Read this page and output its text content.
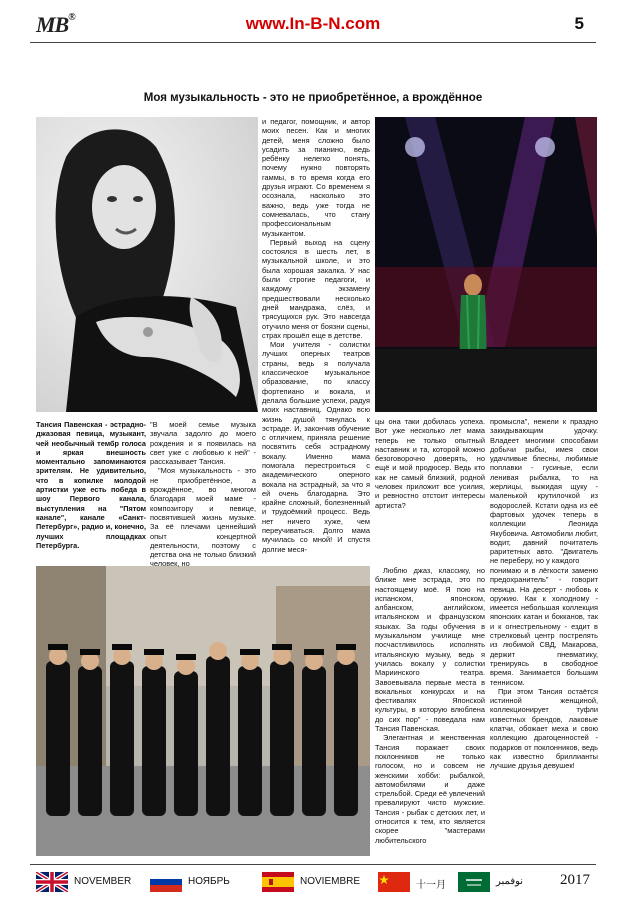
MB®	www.In-B-N.com	5
Моя музыкальность - это не приобретённое, а врождённое
Тансия Павенская - эстрадно-джазовая певица, музыкант, чей необычный тембр голоса и яркая внешность моментально запоминаются зрителям. Не удивительно, что в копилке молодой артистки уже есть победа в шоу Первого канала, выступления на "Пятом канале", канале «Санкт-Петербург», радио и, конечно, лучших площадках Петербурга.

"В моей семье музыка звучала задолго до моего рождения и я появилась на свет уже с любовью к ней" - рассказывает Тансия.

"Моя музыкальность - это не приобретённое, а врождённое, во многом благодаря моей маме - композитору и певице, посвятившей жизнь музыке. За её плечами ценнейший опыт концертной деятельности, поэтому с детства она не только близкий человек, но

и педагог, помощник, и автор моих песен. Как и многих детей, меня сложно было усадить за пианино, ведь ребёнку нелегко понять, почему нужно повторять гаммы, в то время когда его друзья играют. Со временем я осознала, насколько это важно, ведь уже тогда не сомневалась, что стану профессиональным музыкантом.

Первый выход на сцену состоялся в шесть лет, в музыкальной школе, и это была хорошая закалка. У нас были строгие педагоги, и каждому экзамену предшествовали несколько дней мандража, слёз, и трясущихся рук. Это навсегда отучило меня от боязни сцены, страх прошёл еще в детстве.

Мои учителя - солистки лучших оперных театров страны, ведь я получала классическое музыкальное образование, по классу фортепиано и вокала, и делала большие успехи, радуя моих наставниц. Однако всю жизнь душой тянулась к эстраде. И, закончив обучение с отличием, приняла решение посвятить себя эстрадному вокалу. Именно мама помогала перестроиться с академического оперного вокала на эстрадный, за что я ей очень благодарна. Это крайне сложный, болезненный и трудоёмкий процесс. Ведь нет ничего хуже, чем переучиваться. Долго мама мучилась со мной! И спустя долгие меся-

цы она таки добилась успеха. Вот уже несколько лет мама теперь не только опытный наставник и та, которой можно безоговорочно доверять, но ещё и мой продюсер. Ведь кто как не самый близкий, родной человек приложит все усилия, и ревностно отстоит интересы артиста?

промысла", нежели к праздно закидывающим удочку. Владеет многими способами добычи рыбы, имея свои удачливые блесны, любимые поплавки - гусиные, если ленивая рыбалка, то на жерлицы, выжидая щуку - маленькой крутилочкой из водорослей. Кстати одна из её фартовых удочек теперь в коллекции Леонида Якубовича. Автомобили любит, водит, давний почитатель раритетных авто. "Двигатель не переберу, но у каждого

Люблю джаз, классику, но ближе мне эстрада, это по настоящему моё. Я пою на испанском, японском, албанском, английском, итальянском и французском языках. За годы обучения в музыкальном училище мне посчастливилось исполнять итальянскую музыку, ведь я училась вокалу у солистки Мариинского театра. Завоевывала первые места в вокальных конкурсах и на фестивалях Японской культуры, в которую влюблена до сих пор" - поведала нам Тансия Павенская.

Элегантная и женственная Тансия поражает своих поклонников не только голосом, но и совсем не женскими хобби: рыбалкой, автомобилями и даже стрельбой. Среди её увлечений превалируют чисто мужские. Тансия - рыбак с детских лет, и относится к тем, кто является скорее "мастерами любительского

понимаю и в лёгкости заменю предохранитель" - говорит певица. На десерт - любовь к оружию. Как к холодному - имеется небольшая коллекция японских катан и бокканов, так и к огнестрельному - ездит в стрелковый центр пострелять из любимой СВД, Макарова, держит пневматику, тренируясь в свободное время. Занимается большим теннисом.

При этом Тансия остаётся истинной женщиной, коллекционирует туфли известных брендов, лаковые клатчи, обожает меха и свою коллекцию драгоценностей - подарков от поклонников, ведь как известно бриллианты лучшие друзья девушек!

NOVEMBER	НОЯБРЬ	NOVIEMBRE	十一月	نوفمبر 2017
